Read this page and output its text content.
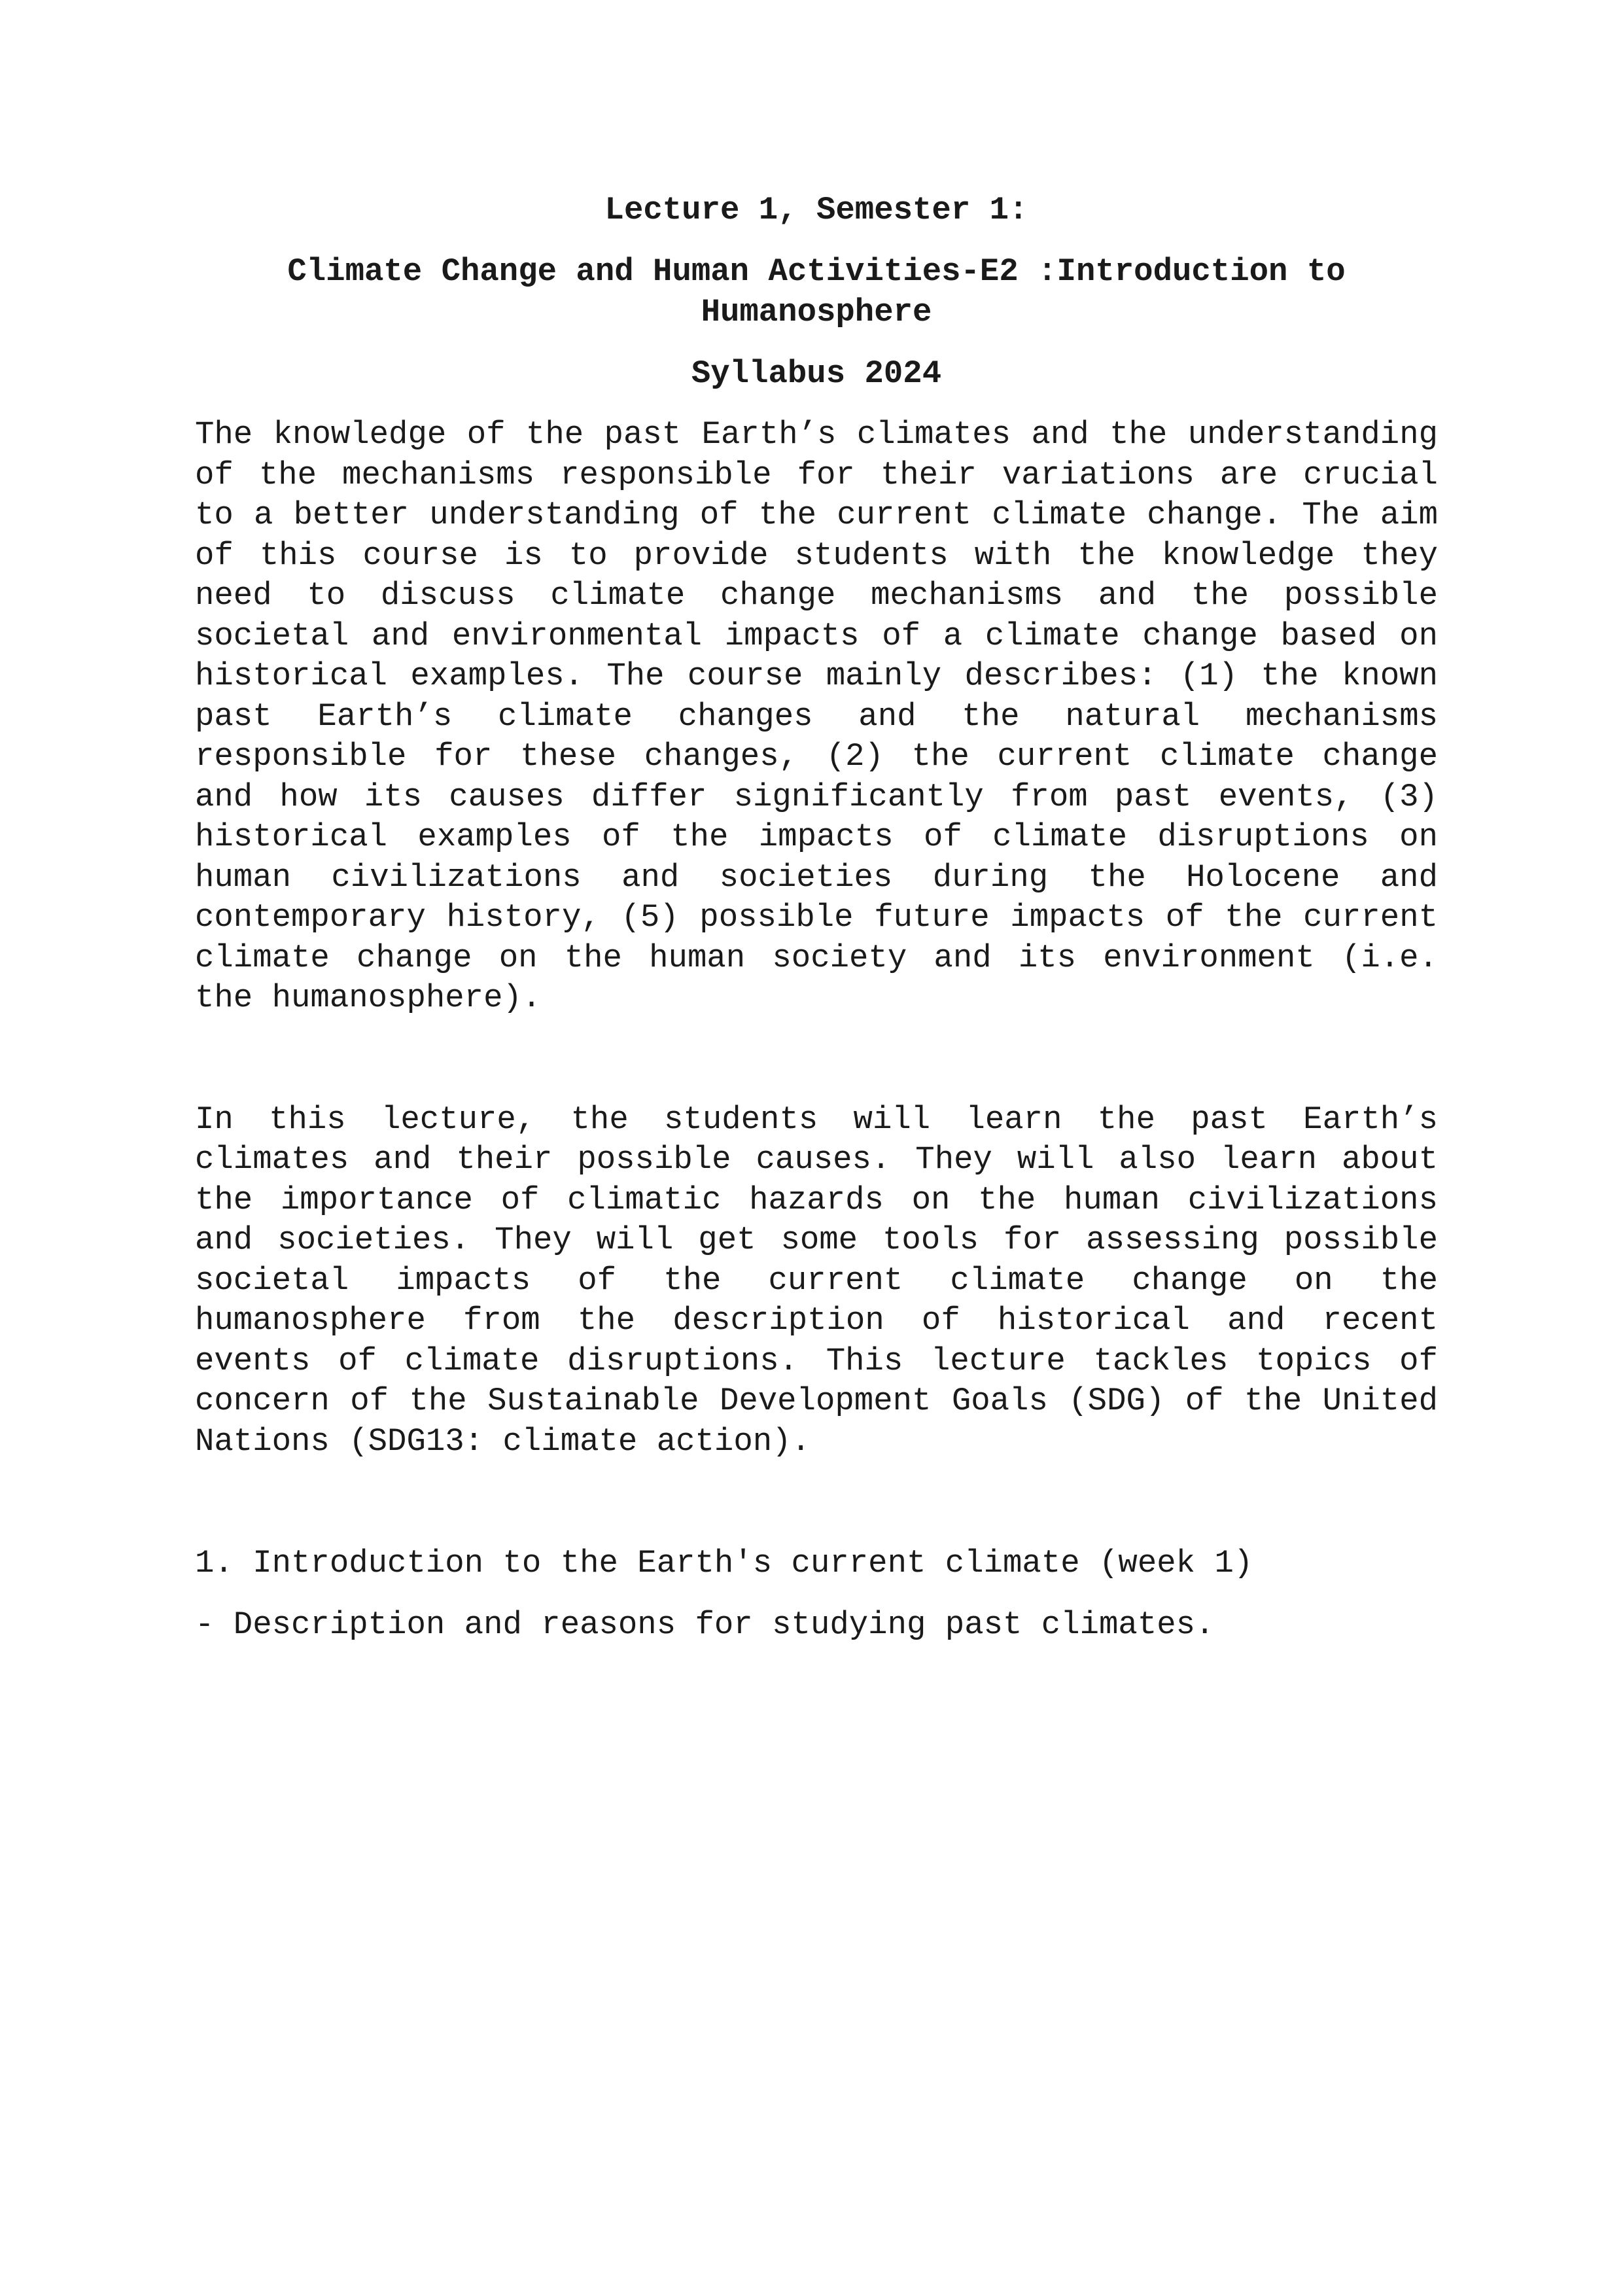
Lecture 1, Semester 1:

Climate Change and Human Activities-E2 :Introduction to Humanosphere

Syllabus 2024

The knowledge of the past Earth’s climates and the understanding of the mechanisms responsible for their variations are crucial to a better understanding of the current climate change. The aim of this course is to provide students with the knowledge they need to discuss climate change mechanisms and the possible societal and environmental impacts of a climate change based on historical examples. The course mainly describes: (1) the known past Earth’s climate changes and the natural mechanisms responsible for these changes, (2) the current climate change and how its causes differ significantly from past events, (3) historical examples of the impacts of climate disruptions on human civilizations and societies during the Holocene and contemporary history, (5) possible future impacts of the current climate change on the human society and its environment (i.e. the humanosphere).

In this lecture, the students will learn the past Earth’s climates and their possible causes. They will also learn about the importance of climatic hazards on the human civilizations and societies. They will get some tools for assessing possible societal impacts of the current climate change on the humanosphere from the description of historical and recent events of climate disruptions. This lecture tackles topics of concern of the Sustainable Development Goals (SDG) of the United Nations (SDG13: climate action).

1. Introduction to the Earth's current climate (week 1)

- Description and reasons for studying past climates.
